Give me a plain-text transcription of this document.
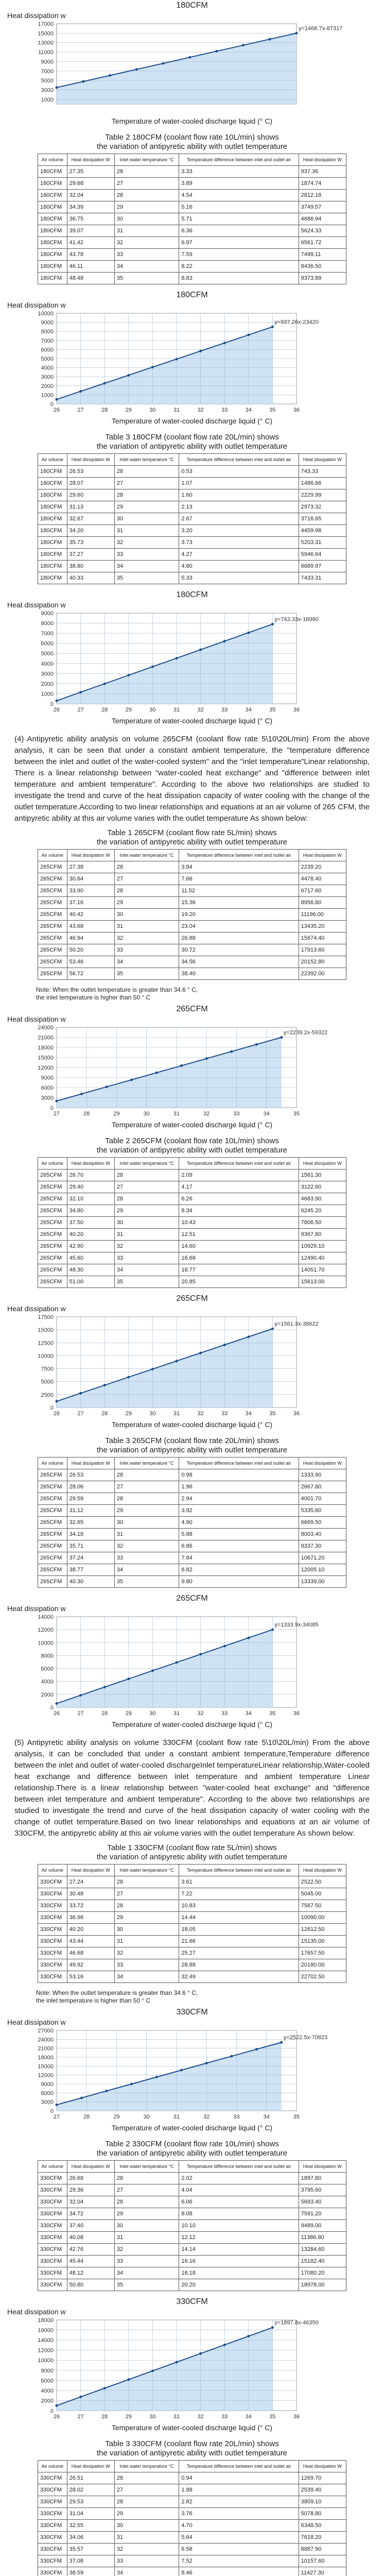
180CFM
Heat dissipation w
1000
3000
5000
7000
9000
11000
13000
15000
17000
y=1468.7x-87317
Temperature of water-cooled discharge liquid (° C)
Table 2 180CFM (coolant flow rate 10L/min) shows
the variation of antipyretic ability with outlet temperature
Air volume	Heat dissipation W	Inlet water temperature °C	Temperature difference between inlet and outlet air	Heat dissipation W
180CFM	27.35	28	3.33	937.36
180CFM	29.68	27	3.89	1874.74
180CFM	32.04	28	4.54	2812.18
180CFM	34.39	29	5.16	3749.57
180CFM	36.75	30	5.71	4686.94
180CFM	39.07	31	6.36	5624.33
180CFM	41.42	32	6.97	6561.72
180CFM	43.78	33	7.59	7499.11
180CFM	46.11	34	8.22	8436.50
180CFM	48.48	35	8.83	9373.89
180CFM
Heat dissipation w
0
1000
2000
3000
4000
5000
6000
7000
8000
9000
10000
26	27	28	29	30	31	32	33	34	35	36
y=937.26x-23420
Temperature of water-cooled discharge liquid (° C)
Table 3 180CFM (coolant flow rate 20L/min) shows
the variation of antipyretic ability with outlet temperature
Air volume	Heat dissipation W	Inlet water temperature °C	Temperature difference between inlet and outlet air	Heat dissipation W
180CFM	26.53	28	0.53	743.33
180CFM	28.07	27	1.07	1486.66
180CFM	29.60	28	1.60	2229.99
180CFM	31.13	29	2.13	2973.32
180CFM	32.67	30	2.67	3716.65
180CFM	34.20	31	3.20	4459.98
180CFM	35.73	32	3.73	5203.31
180CFM	37.27	33	4.27	5946.64
180CFM	38.80	34	4.80	6689.97
180CFM	40.33	35	5.33	7433.31
180CFM
Heat dissipation w
0
1000
2000
3000
4000
5000
6000
7000
8000
9000
26	27	28	29	30	31	32	33	34	35	36
y=743.33x-18980
Temperature of water-cooled discharge liquid (° C)
(4) Antipyretic ability analysis on volume 265CFM (coolant flow rate 5\10\20L/min) From the above analysis, it can be seen that under a constant ambient temperature, the "temperature difference between the inlet and outlet of the water-cooled system" and the "inlet temperature"Linear relationship, There is a linear relationship between "water-cooled heat exchange" and "difference between inlet temperature and ambient temperature". According to the above two relationships are studied to investigate the trend and curve of the heat dissipation capacity of water cooling with the change of the outlet temperature.According to two linear relationships and equations at an air volume of 265 CFM, the antipyretic ability at this air volume varies with the outlet temperature As shown below:
Table 1 265CFM (coolant flow rate 5L/min) shows
the variation of antipyretic ability with outlet temperature
Air volume	Heat dissipation W	Inlet water temperature °C	Temperature difference between inlet and outlet air	Heat dissipation W
265CFM	27.38	28	3.84	2239.20
265CFM	30.64	27	7.66	4478.40
265CFM	33.90	28	11.52	6717.60
265CFM	37.16	29	15.36	8956.80
265CFM	40.42	30	19.20	11196.00
265CFM	43.68	31	23.04	13435.20
265CFM	46.94	32	26.88	15674.40
265CFM	50.20	33	30.72	17913.60
265CFM	53.46	34	34.56	20152.80
265CFM	56.72	35	38.40	22392.00
Note: When the outlet temperature is greater than 34.6 ° C,
the inlet temperature is higher than 50 ° C
265CFM
Heat dissipation w
0
3000
6000
9000
12000
15000
18000
21000
24000
27	28	29	30	31	32	33	34	35
y=2239.2x-59322
Temperature of water-cooled discharge liquid (° C)
Table 2 265CFM (coolant flow rate 10L/min) shows
the variation of antipyretic ability with outlet temperature
Air volume	Heat dissipation W	Inlet water temperature °C	Temperature difference between inlet and outlet air	Heat dissipation W
265CFM	26.70	28	2.09	1561.30
265CFM	29.40	27	4.17	3122.60
265CFM	32.10	28	6.26	4683.90
265CFM	34.80	29	8.34	6245.20
265CFM	37.50	30	10.43	7806.50
265CFM	40.20	31	12.51	9367.80
265CFM	42.90	32	14.60	10929.10
265CFM	45.60	33	16.68	12490.40
265CFM	48.30	34	18.77	14051.70
265CFM	51.00	35	20.85	15613.00
265CFM
Heat dissipation w
0
2500
5000
7500
10000
12500
15000
17500
26	27	28	29	30	31	32	33	34	35	36
y=1561.3x-38622
Temperature of water-cooled discharge liquid (° C)
Table 3 265CFM (coolant flow rate 20L/min) shows
the variation of antipyretic ability with outlet temperature
Air volume	Heat dissipation W	Inlet water temperature °C	Temperature difference between inlet and outlet air	Heat dissipation W
265CFM	26.53	28	0.98	1333.90
265CFM	28.06	27	1.96	2667.80
265CFM	29.59	28	2.94	4001.70
265CFM	31.12	29	3.92	5335.60
265CFM	32.65	30	4.90	6669.50
265CFM	34.18	31	5.88	8003.40
265CFM	35.71	32	6.86	9337.30
265CFM	37.24	33	7.84	10671.20
265CFM	38.77	34	8.82	12005.10
265CFM	40.30	35	9.80	13339.00
265CFM
Heat dissipation w
0
2000
4000
6000
8000
10000
12000
14000
26	27	28	29	30	31	32	33	34	35	36
y=1333.9x-34085
Temperature of water-cooled discharge liquid (° C)
(5) Antipyretic ability analysis on volume 330CFM (coolant flow rate 5\10\20L/min) From the above analysis, it can be concluded that under a constant ambient temperature,Temperature difference between the inlet and outlet of water-cooled dischargeInlet temperatureLinear relationship,Water-cooled heat exchange and difference between inlet temperature and ambient temperature Linear relationship.There is a linear relationship between "water-cooled heat exchange" and "difference between inlet temperature and ambient temperature". According to the above two relationships are studied to investigate the trend and curve of the heat dissipation capacity of water cooling with the change of outlet temperature.Based on two linear relationships and equations at an air volume of 330CFM, the antipyretic ability at this air volume varies with the outlet temperature As shown below:
Table 1 330CFM (coolant flow rate 5L/min) shows
the variation of antipyretic ability with outlet temperature
Air volume	Heat dissipation W	Inlet water temperature °C	Temperature difference between inlet and outlet air	Heat dissipation W
330CFM	27.24	28	3.61	2522.50
330CFM	30.48	27	7.22	5045.00
330CFM	33.72	28	10.83	7567.50
330CFM	36.96	29	14.44	10090.00
330CFM	40.20	30	18.05	12612.50
330CFM	43.44	31	21.66	15135.00
330CFM	46.68	32	25.27	17657.50
330CFM	49.92	33	28.88	20180.00
330CFM	53.16	34	32.49	22702.50
Note: When the outlet temperature is greater than 34.6 ° C,
the inlet temperature is higher than 50 ° C
330CFM
Heat dissipation w
0
3000
6000
9000
12000
15000
18000
21000
24000
27000
27	28	29	30	31	32	33	34	35
y=2522.5x-70823
Temperature of water-cooled discharge liquid (° C)
Table 2 330CFM (coolant flow rate 10L/min) shows
the variation of antipyretic ability with outlet temperature
Air volume	Heat dissipation W	Inlet water temperature °C	Temperature difference between inlet and outlet air	Heat dissipation W
330CFM	26.68	28	2.02	1897.80
330CFM	29.36	27	4.04	3795.60
330CFM	32.04	28	6.06	5693.40
330CFM	34.72	29	8.08	7591.20
330CFM	37.40	30	10.10	9489.00
330CFM	40.08	31	12.12	11386.80
330CFM	42.76	32	14.14	13284.60
330CFM	45.44	33	16.16	15182.40
330CFM	48.12	34	18.18	17080.20
330CFM	50.80	35	20.20	18978.00
330CFM
Heat dissipation w
0
2000
4000
6000
8000
10000
12000
14000
16000
18000
26	27	28	29	30	31	32	33	34	35	36
y=1897.8x-46350
Temperature of water-cooled discharge liquid (° C)
Table 3 330CFM (coolant flow rate 20L/min) shows
the variation of antipyretic ability with outlet temperature
Air volume	Heat dissipation W	Inlet water temperature °C	Temperature difference between inlet and outlet air	Heat dissipation W
330CFM	26.51	28	0.94	1269.70
330CFM	28.02	27	1.88	2539.40
330CFM	29.53	28	2.82	3809.10
330CFM	31.04	29	3.76	5078.80
330CFM	32.55	30	4.70	6348.50
330CFM	34.06	31	5.64	7618.20
330CFM	35.57	32	6.58	8887.90
330CFM	37.08	33	7.52	10157.60
330CFM	38.59	34	8.46	11427.30
